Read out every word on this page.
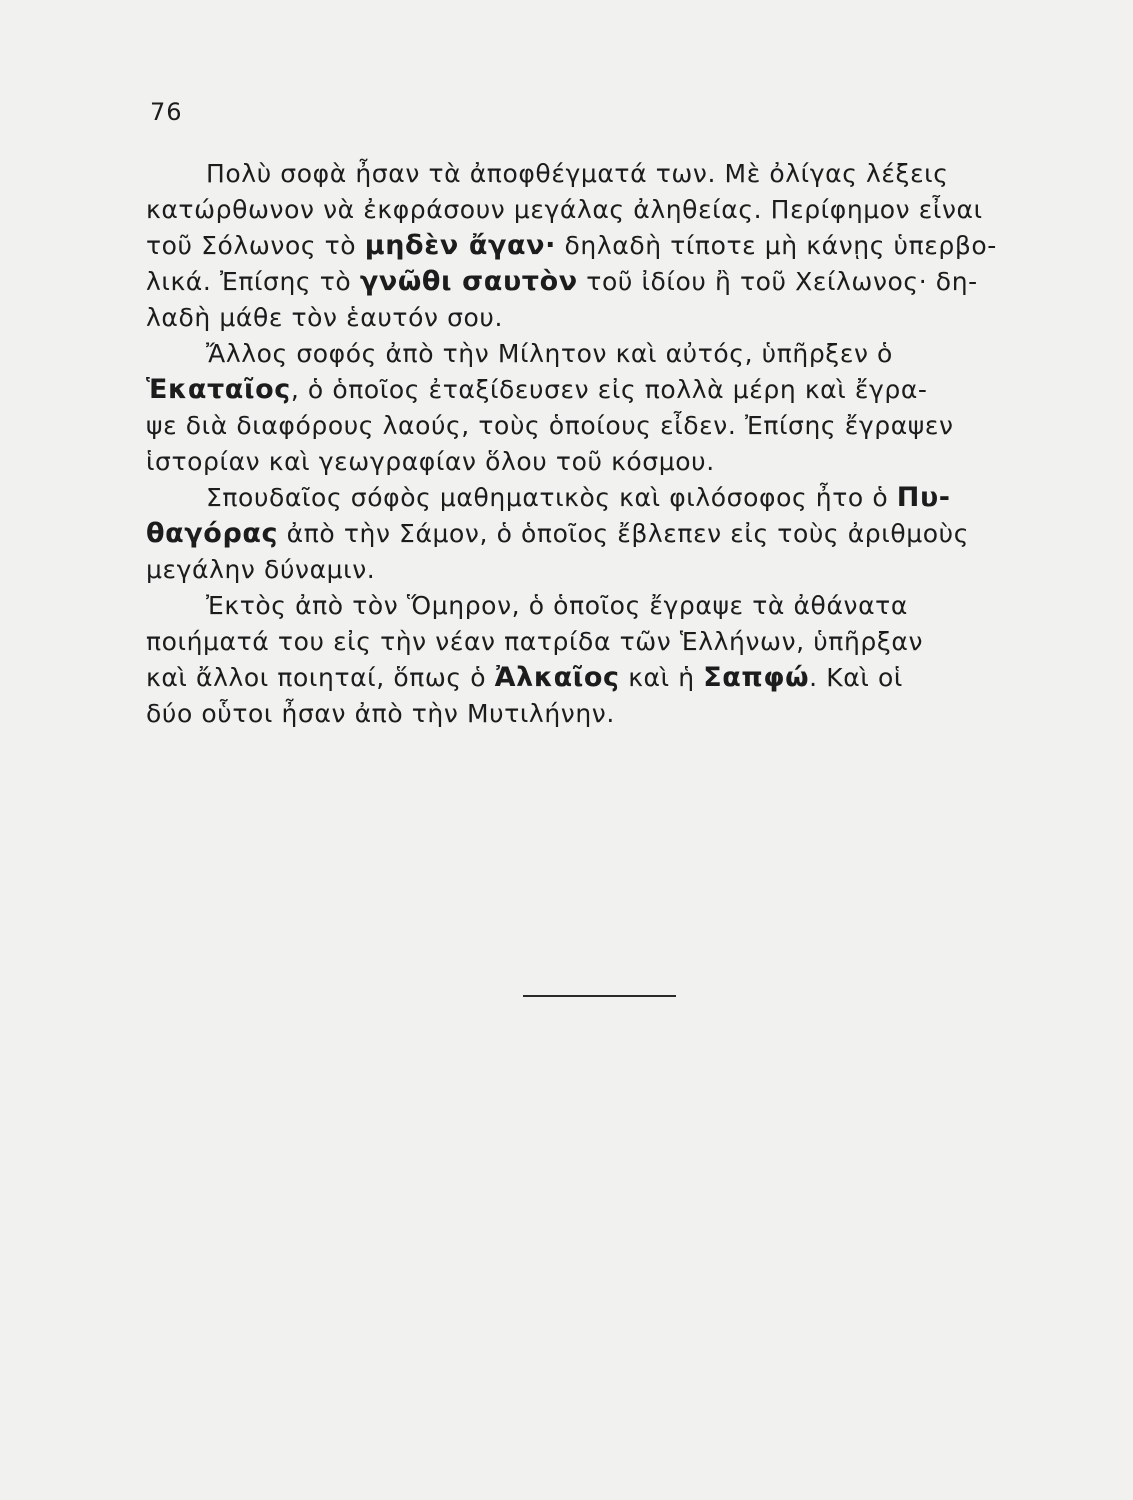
76
Πολὺ σοφὰ ἦσαν τὰ ἀποφθέγματά των. Μὲ ὀλίγας λέξεις
κατώρθωνον νὰ ἐκφράσουν μεγάλας ἀληθείας. Περίφημον εἶναι
τοῦ Σόλωνος τὸ μηδὲν ἄγαν· δηλαδὴ τίποτε μὴ κάνῃς ὑπερβο-
λικά. Ἐπίσης τὸ γνῶθι σαυτὸν τοῦ ἰδίου ἢ τοῦ Χείλωνος· δη-
λαδὴ μάθε τὸν ἑαυτόν σου.
Ἄλλος σοφός ἀπὸ τὴν Μίλητον καὶ αὐτός, ὑπῆρξεν ὁ
Ἑκαταῖος, ὁ ὁποῖος ἐταξίδευσεν εἰς πολλὰ μέρη καὶ ἔγρα-
ψε διὰ διαφόρους λαούς, τοὺς ὁποίους εἶδεν. Ἐπίσης ἔγραψεν
ἱστορίαν καὶ γεωγραφίαν ὅλου τοῦ κόσμου.
Σπουδαῖος σόφὸς μαθηματικὸς καὶ φιλόσοφος ἦτο ὁ Πυ-
θαγόρας ἀπὸ τὴν Σάμον, ὁ ὁποῖος ἔβλεπεν εἰς τοὺς ἀριθμοὺς
μεγάλην δύναμιν.
Ἐκτὸς ἀπὸ τὸν Ὅμηρον, ὁ ὁποῖος ἔγραψε τὰ ἀθάνατα
ποιήματά του εἰς τὴν νέαν πατρίδα τῶν Ἑλλήνων, ὑπῆρξαν
καὶ ἄλλοι ποιηταί, ὅπως ὁ Ἀλκαῖος καὶ ἡ Σαπφώ. Καὶ οἱ
δύο οὗτοι ἦσαν ἀπὸ τὴν Μυτιλήνην.
